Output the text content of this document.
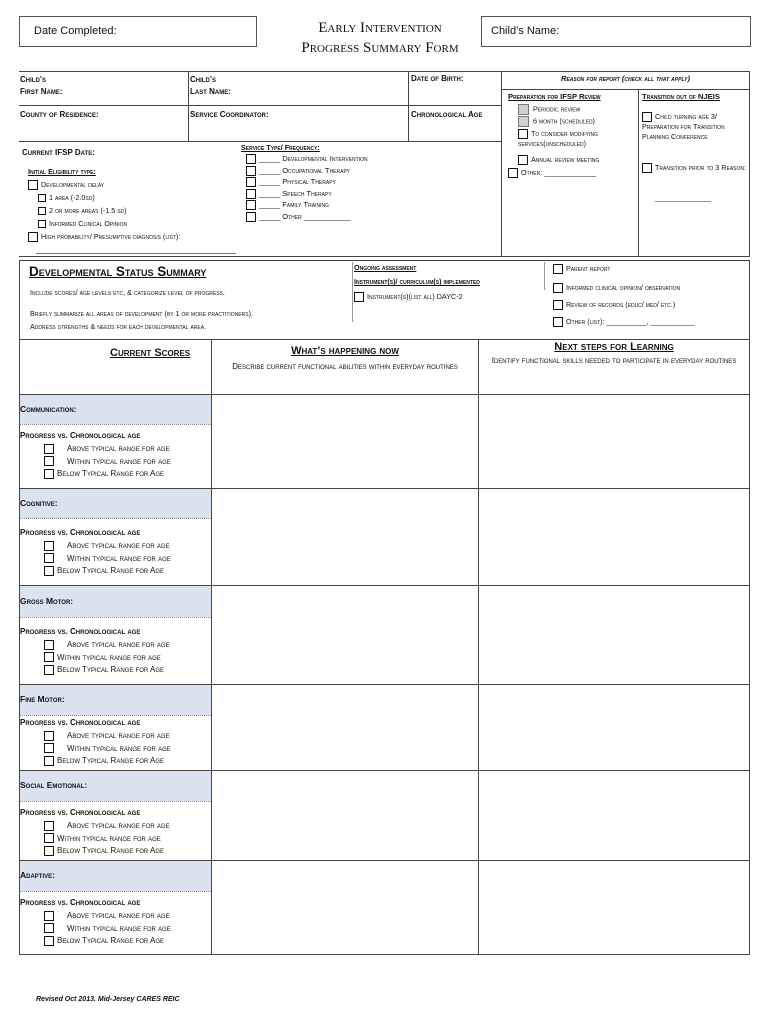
Date Completed:	Early Intervention
Progress Summary Form
Child’s Name:
Child’s
First Name:
Child’s
Last Name:
Date of Birth:
County of Residence:	Service Coordinator:	Chronological Age
Current IFSP Date:
Initial Eligibility type:
Developmental delay
1 area (-2.0sd)
2 or more areas (-1.5 sd)
Informed Clinical Opinion
High probability/ Presumptive diagnosis (list):
Service Type/ Frequency:
_____ Developmental Intervention
_____ Occupational Therapy
_____ Physical Therapy
_____ Speech Therapy
_____ Family Training
_____ Other ___________
Reason for report (check all that apply)
Preparation for IFSP Review
Periodic review
6 month (scheduled)
To consider modifying services(unscheduled)
Annual review meeting
Other: _____________
Transition out of NJEIS
Child turning age 3/ Preparation for Transition Planning Conference
Transition prior to 3 Reason:
______________
Developmental Status Summary
Include scores/ age levels etc, & categorize level of progress.
Briefly summarize all areas of development (by 1 or more practitioners).
Address strengths & needs for each developmental area.
Ongoing assessment
Instrument(s)/ curriculum(s) implemented
Instrument(s)(list all) DAYC-2
Parent report
Informed clinical opinion/ observation
Review of records (educ/ med/ etc.)
Other (list): __________, ___________
Current Scores	What’s happening now
Describe current functional abilities within everyday routines
Next steps for Learning
Identify functional skills needed to participate in everyday routines
Communication:
Progress vs. Chronological age
Above typical range for age
Within typical range for age
Below Typical Range for Age
Cognitive:
Progress vs. Chronological age
Above typical range for age
Within typical range for age
Below Typical Range for Age
Gross Motor:
Progress vs. Chronological age
Above typical range for age
Within typical range for age
Below Typical Range for Age
Fine Motor:
Progress vs. Chronological age
Above typical range for age
Within typical range for age
Below Typical Range for Age
Social Emotional:
Progress vs. Chronological age
Above typical range for age
Within typical range for age
Below Typical Range for Age
Adaptive:
Progress vs. Chronological age
Above typical range for age
Within typical range for age
Below Typical Range for Age
Revised Oct 2013. Mid-Jersey CARES REIC
